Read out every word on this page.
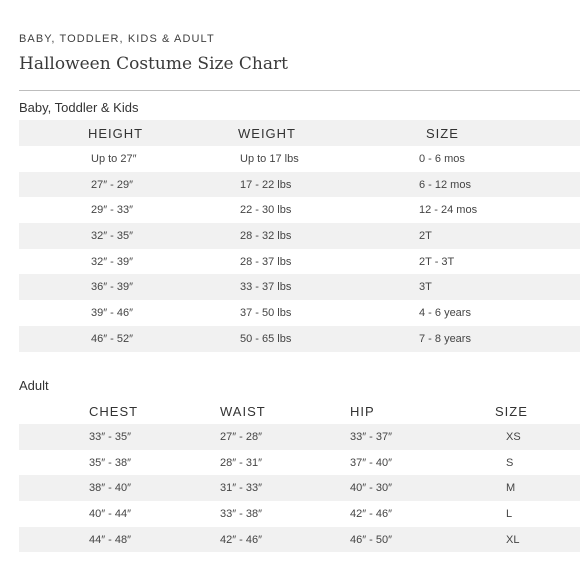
BABY, TODDLER, KIDS & ADULT
Halloween Costume Size Chart
Baby, Toddler & Kids
HEIGHT	WEIGHT	SIZE
Up to 27″	Up to 17 lbs	0 - 6 mos
27″ - 29″	17 - 22 lbs	6 - 12 mos
29″ - 33″	22 - 30 lbs	12 - 24 mos
32″ - 35″	28 - 32 lbs	2T
32″ - 39″	28 - 37 lbs	2T - 3T
36″ - 39″	33 - 37 lbs	3T
39″ - 46″	37 - 50 lbs	4 - 6 years
46″ - 52″	50 - 65 lbs	7 - 8 years
Adult
CHEST	WAIST	HIP	SIZE
33″ - 35″	27″ - 28″	33″ - 37″	XS
35″ - 38″	28″ - 31″	37″ - 40″	S
38″ - 40″	31″ - 33″	40″ - 30″	M
40″ - 44″	33″ - 38″	42″ - 46″	L
44″ - 48″	42″ - 46″	46″ - 50″	XL
